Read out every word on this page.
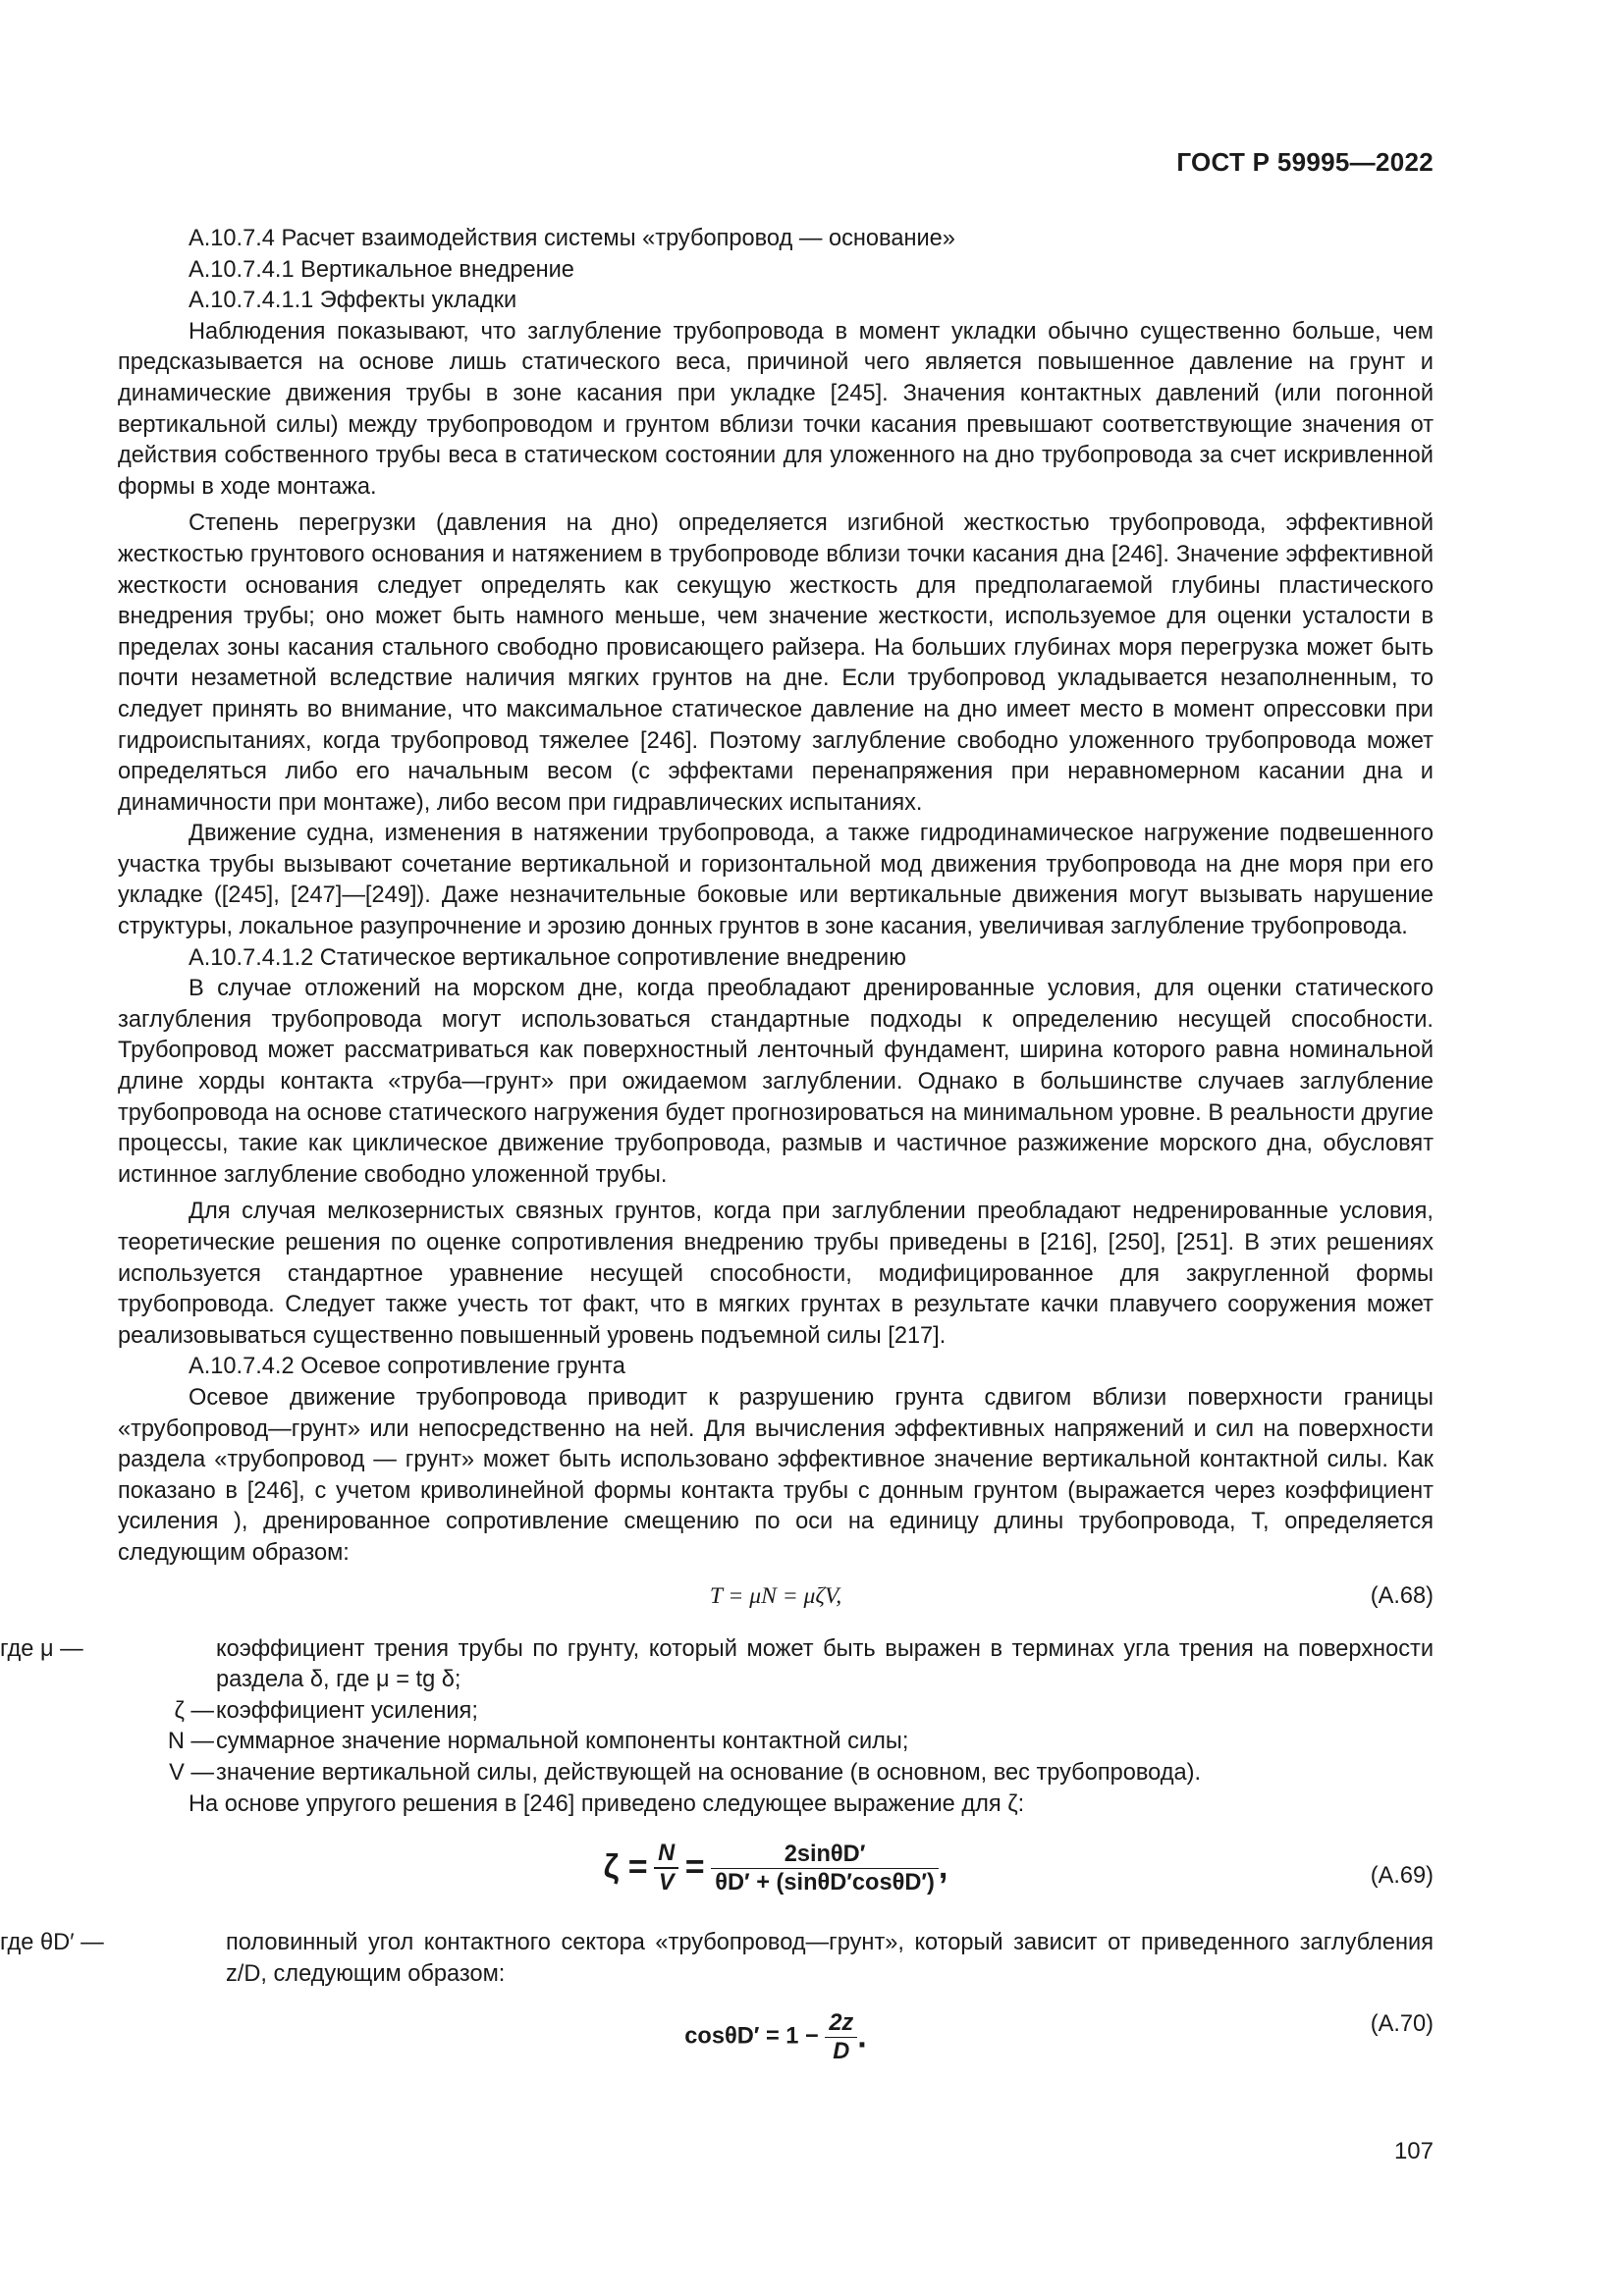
ГОСТ Р 59995—2022
А.10.7.4 Расчет взаимодействия системы «трубопровод — основание»
А.10.7.4.1 Вертикальное внедрение
А.10.7.4.1.1 Эффекты укладки

Наблюдения показывают, что заглубление трубопровода в момент укладки обычно существенно больше, чем предсказывается на основе лишь статического веса, причиной чего является повышенное давление на грунт и динамические движения трубы в зоне касания при укладке [245]. Значения контактных давлений (или погонной вертикальной силы) между трубопроводом и грунтом вблизи точки касания превышают соответствующие значения от действия собственного трубы веса в статическом состоянии для уложенного на дно трубопровода за счет искривленной формы в ходе монтажа.

Степень перегрузки (давления на дно) определяется изгибной жесткостью трубопровода, эффективной жесткостью грунтового основания и натяжением в трубопроводе вблизи точки касания дна [246]. Значение эффективной жесткости основания следует определять как секущую жесткость для предполагаемой глубины пластического внедрения трубы; оно может быть намного меньше, чем значение жесткости, используемое для оценки усталости в пределах зоны касания стального свободно провисающего райзера. На больших глубинах моря перегрузка может быть почти незаметной вследствие наличия мягких грунтов на дне. Если трубопровод укладывается незаполненным, то следует принять во внимание, что максимальное статическое давление на дно имеет место в момент опрессовки при гидроиспытаниях, когда трубопровод тяжелее [246]. Поэтому заглубление свободно уложенного трубопровода может определяться либо его начальным весом (с эффектами перенапряжения при неравномерном касании дна и динамичности при монтаже), либо весом при гидравлических испытаниях.

Движение судна, изменения в натяжении трубопровода, а также гидродинамическое нагружение подвешенного участка трубы вызывают сочетание вертикальной и горизонтальной мод движения трубопровода на дне моря при его укладке ([245], [247]—[249]). Даже незначительные боковые или вертикальные движения могут вызывать нарушение структуры, локальное разупрочнение и эрозию донных грунтов в зоне касания, увеличивая заглубление трубопровода.

А.10.7.4.1.2 Статическое вертикальное сопротивление внедрению

В случае отложений на морском дне, когда преобладают дренированные условия, для оценки статического заглубления трубопровода могут использоваться стандартные подходы к определению несущей способности. Трубопровод может рассматриваться как поверхностный ленточный фундамент, ширина которого равна номинальной длине хорды контакта «труба—грунт» при ожидаемом заглублении. Однако в большинстве случаев заглубление трубопровода на основе статического нагружения будет прогнозироваться на минимальном уровне. В реальности другие процессы, такие как циклическое движение трубопровода, размыв и частичное разжижение морского дна, обусловят истинное заглубление свободно уложенной трубы.

Для случая мелкозернистых связных грунтов, когда при заглублении преобладают недренированные условия, теоретические решения по оценке сопротивления внедрению трубы приведены в [216], [250], [251]. В этих решениях используется стандартное уравнение несущей способности, модифицированное для закругленной формы трубопровода. Следует также учесть тот факт, что в мягких грунтах в результате качки плавучего сооружения может реализовываться существенно повышенный уровень подъемной силы [217].

А.10.7.4.2 Осевое сопротивление грунта

Осевое движение трубопровода приводит к разрушению грунта сдвигом вблизи поверхности границы «трубопровод—грунт» или непосредственно на ней. Для вычисления эффективных напряжений и сил на поверхности раздела «трубопровод — грунт» может быть использовано эффективное значение вертикальной контактной силы. Как показано в [246], с учетом криволинейной формы контакта трубы с донным грунтом (выражается через коэффициент усиления ), дренированное сопротивление смещению по оси на единицу длины трубопровода, T, определяется следующим образом:

T = μN = μζV,	(А.68)
где μ —	коэффициент трения трубы по грунту, который может быть выражен в терминах угла трения на поверхности раздела δ, где μ = tg δ;
ζ — коэффициент усиления;
N — суммарное значение нормальной компоненты контактной силы;
V — значение вертикальной силы, действующей на основание (в основном, вес трубопровода).

На основе упругого решения в [246] приведено следующее выражение для ζ:

$\zeta = \frac{N}{V} = \frac{2\sin\theta D'}{\theta D' + (\sin\theta D'\cos\theta D')}$ ,	(А.69)
где θD′ —	половинный угол контактного сектора «трубопровод—грунт», который зависит от приведенного заглубления z/D, следующим образом:
$\cos\theta D' = 1 - \frac{2z}{D}$ .	(А.70)
107
